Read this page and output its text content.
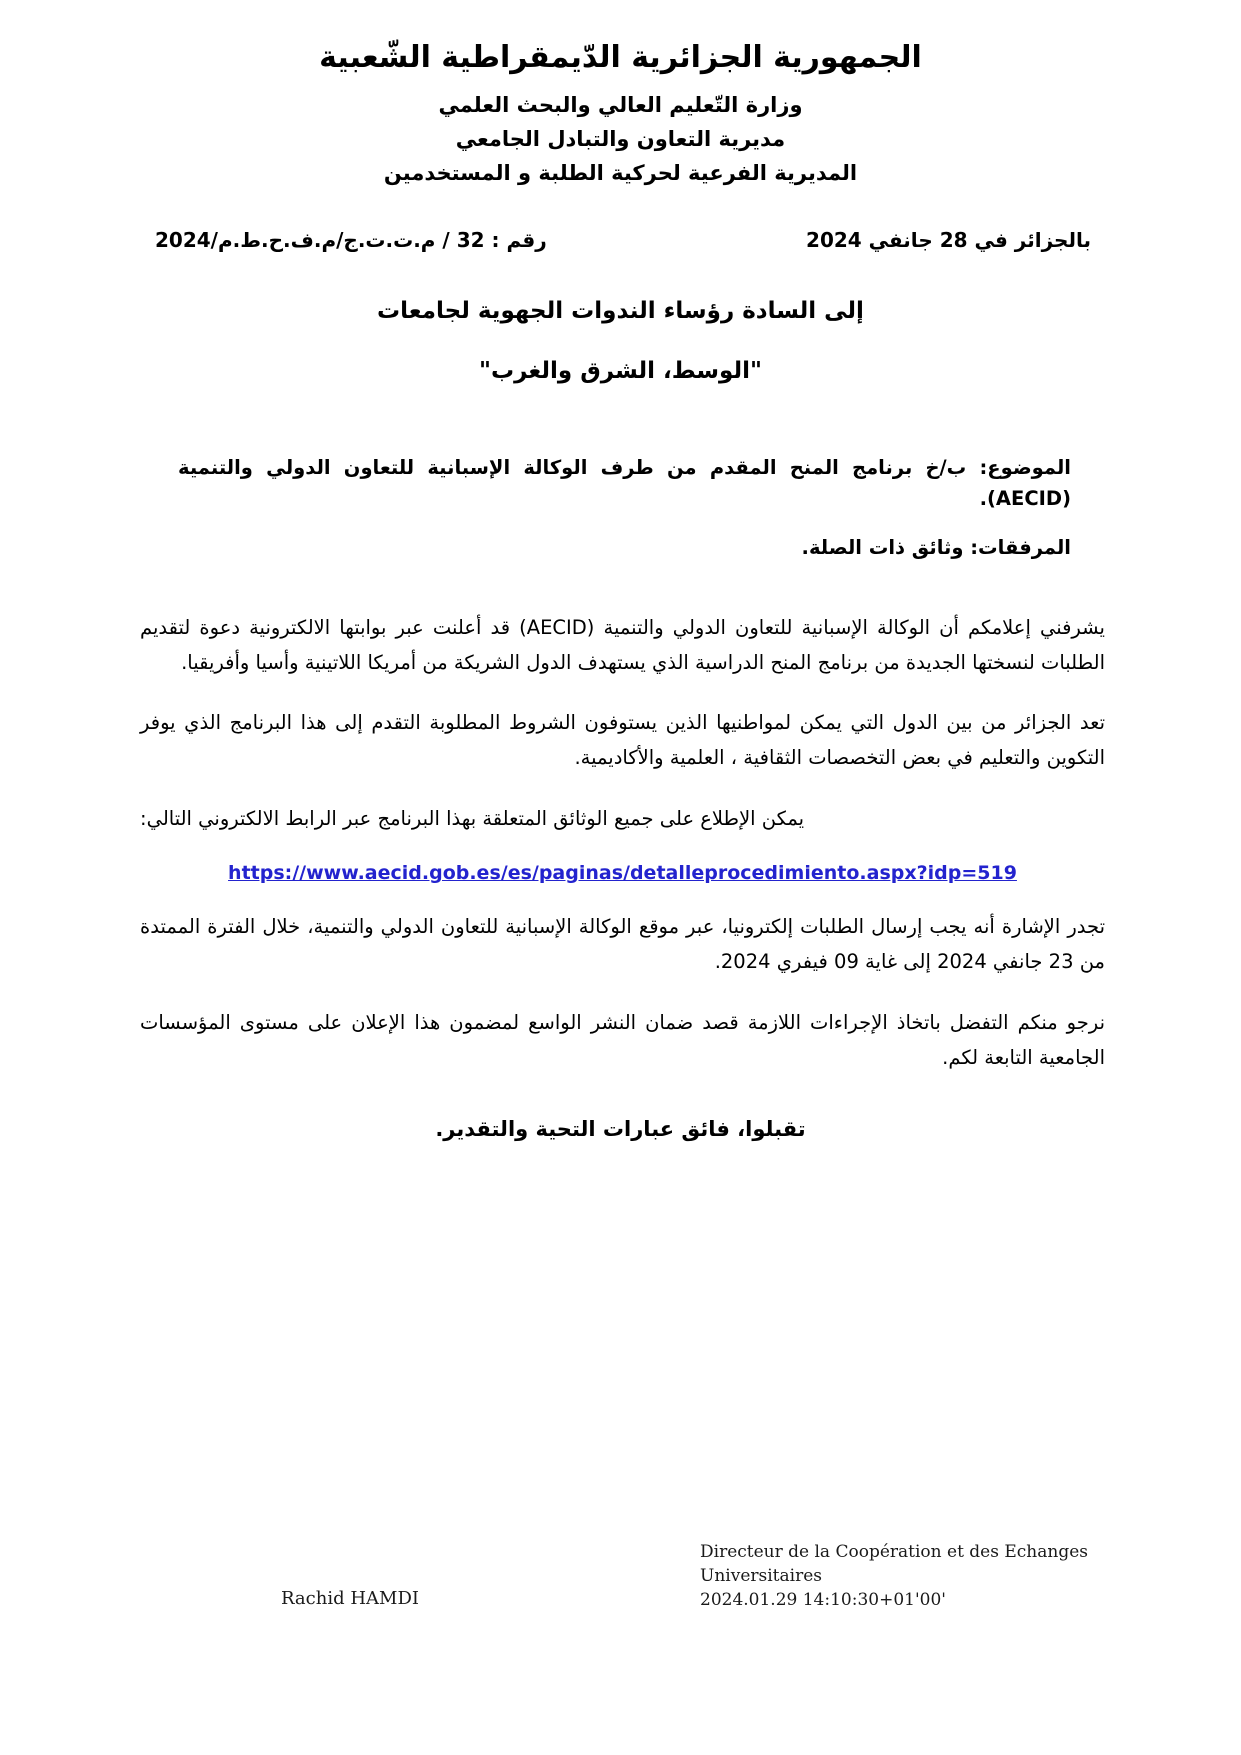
الجمهورية الجزائرية الدّيمقراطية الشّعبية
وزارة التّعليم العالي والبحث العلمي
مديرية التعاون والتبادل الجامعي
المديرية الفرعية لحركية الطلبة و المستخدمين
رقم : 32 / م.ت.ت.ج/م.ف.ح.ط.م/2024	بالجزائر في 28 جانفي 2024
إلى السادة رؤساء الندوات الجهوية لجامعات
"الوسط، الشرق والغرب"
الموضوع: ب/خ برنامج المنح المقدم من طرف الوكالة الإسبانية للتعاون الدولي والتنمية (AECID).
المرفقات: وثائق ذات الصلة.

يشرفني إعلامكم أن الوكالة الإسبانية للتعاون الدولي والتنمية (AECID) قد أعلنت عبر بوابتها الالكترونية دعوة لتقديم الطلبات لنسختها الجديدة من برنامج المنح الدراسية الذي يستهدف الدول الشريكة من أمريكا اللاتينية وأسيا وأفريقيا.

تعد الجزائر من بين الدول التي يمكن لمواطنيها الذين يستوفون الشروط المطلوبة التقدم إلى هذا البرنامج الذي يوفر التكوين والتعليم في بعض التخصصات الثقافية ، العلمية والأكاديمية.

يمكن الإطلاع على جميع الوثائق المتعلقة بهذا البرنامج عبر الرابط الالكتروني التالي:

https://www.aecid.gob.es/es/paginas/detalleprocedimiento.aspx?idp=519

تجدر الإشارة أنه يجب إرسال الطلبات إلكترونيا، عبر موقع الوكالة الإسبانية للتعاون الدولي والتنمية، خلال الفترة الممتدة من 23 جانفي 2024 إلى غاية 09 فيفري 2024.

نرجو منكم التفضل باتخاذ الإجراءات اللازمة قصد ضمان النشر الواسع لمضمون هذا الإعلان على مستوى المؤسسات الجامعية التابعة لكم.

تقبلوا، فائق عبارات التحية والتقدير.
Rachid HAMDI
Directeur de la Coopération et des Echanges
Universitaires
2024.01.29 14:10:30+01'00'
